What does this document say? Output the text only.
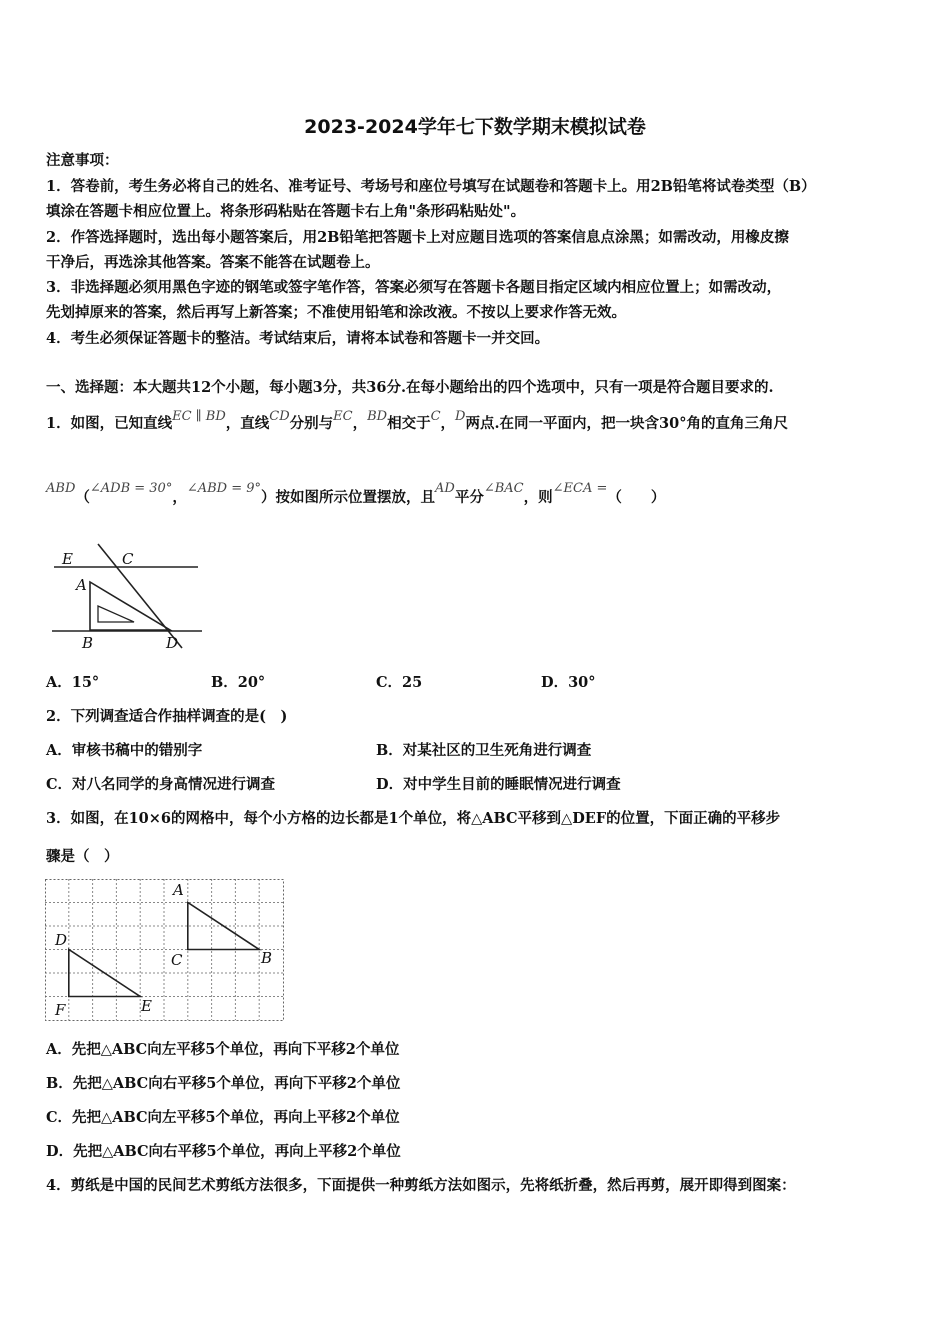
2023-2024学年七下数学期末模拟试卷
注意事项：
1．答卷前，考生务必将自己的姓名、准考证号、考场号和座位号填写在试题卷和答题卡上。用2B铅笔将试卷类型（B）
填涂在答题卡相应位置上。将条形码粘贴在答题卡右上角"条形码粘贴处"。
2．作答选择题时，选出每小题答案后，用2B铅笔把答题卡上对应题目选项的答案信息点涂黑；如需改动，用橡皮擦
干净后，再选涂其他答案。答案不能答在试题卷上。
3．非选择题必须用黑色字迹的钢笔或签字笔作答，答案必须写在答题卡各题目指定区域内相应位置上；如需改动，
先划掉原来的答案，然后再写上新答案；不准使用铅笔和涂改液。不按以上要求作答无效。
4．考生必须保证答题卡的整洁。考试结束后，请将本试卷和答题卡一并交回。
一、选择题：本大题共12个小题，每小题3分，共36分.在每小题给出的四个选项中，只有一项是符合题目要求的.
1．如图，已知直线EC ∥ BD，直线CD分别与EC，BD相交于C，D两点.在同一平面内，把一块含30°角的直角三角尺
ABD（∠ADB = 30°，∠ABD = 9°）按如图所示位置摆放，且AD平分∠BAC，则∠ECA =（　　）
E	C
A
B	D
A．15°	B．20°	C．25	D．30°
2．下列调查适合作抽样调查的是(　)
A．审核书稿中的错别字	B．对某社区的卫生死角进行调查
C．对八名同学的身高情况进行调查	D．对中学生目前的睡眠情况进行调查
3．如图，在10×6的网格中，每个小方格的边长都是1个单位，将△ABC平移到△DEF的位置，下面正确的平移步
骤是（　）
A
C	B
D
F	E
A．先把△ABC向左平移5个单位，再向下平移2个单位
B．先把△ABC向右平移5个单位，再向下平移2个单位
C．先把△ABC向左平移5个单位，再向上平移2个单位
D．先把△ABC向右平移5个单位，再向上平移2个单位
4．剪纸是中国的民间艺术剪纸方法很多，下面提供一种剪纸方法如图示，先将纸折叠，然后再剪，展开即得到图案：
